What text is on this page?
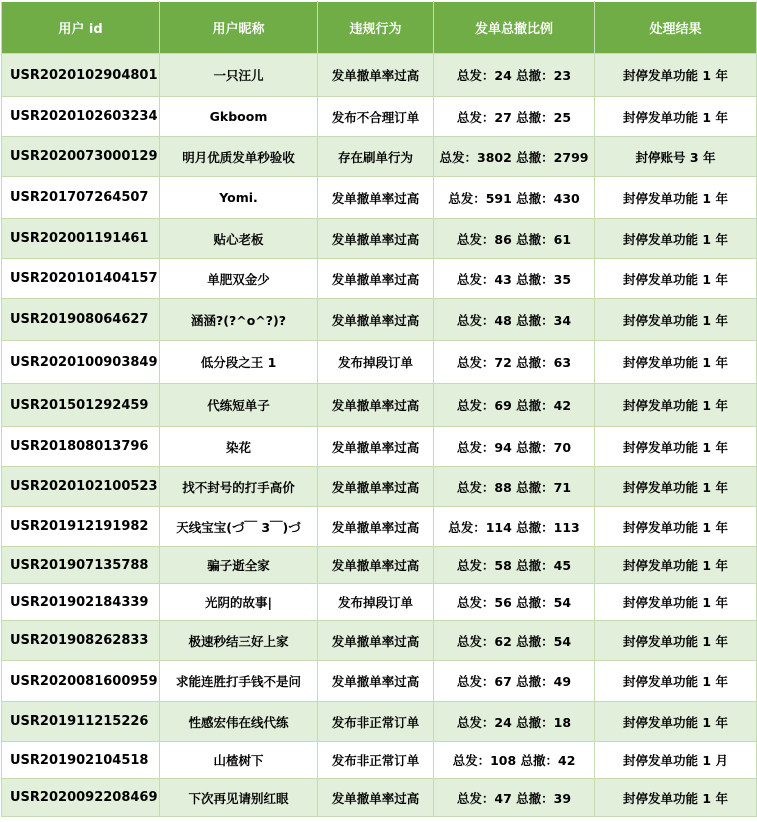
用户 id	用户昵称	违规行为	发单总撤比例	处理结果
USR2020102904801	一只汪儿	发单撤单率过高	总发：24 总撤：23	封停发单功能 1 年
USR2020102603234	Gkboom	发布不合理订单	总发：27 总撤：25	封停发单功能 1 年
USR2020073000129	明月优质发单秒验收	存在刷单行为	总发：3802 总撤：2799	封停账号 3 年
USR201707264507	Yomi.	发单撤单率过高	总发：591 总撤：430	封停发单功能 1 年
USR202001191461	贴心老板	发单撤单率过高	总发：86 总撤：61	封停发单功能 1 年
USR2020101404157	单肥双金少	发单撤单率过高	总发：43 总撤：35	封停发单功能 1 年
USR201908064627	涵涵?(?^o^?)?	发单撤单率过高	总发：48 总撤：34	封停发单功能 1 年
USR2020100903849	低分段之王 1	发布掉段订单	总发：72 总撤：63	封停发单功能 1 年
USR201501292459	代练短单子	发单撤单率过高	总发：69 总撤：42	封停发单功能 1 年
USR201808013796	染花	发单撤单率过高	总发：94 总撤：70	封停发单功能 1 年
USR2020102100523	找不封号的打手高价	发单撤单率过高	总发：88 总撤：71	封停发单功能 1 年
USR201912191982	天线宝宝(づ￣ 3￣)づ	发单撤单率过高	总发：114 总撤：113	封停发单功能 1 年
USR201907135788	骗子逝全家	发单撤单率过高	总发：58 总撤：45	封停发单功能 1 年
USR201902184339	光阴的故事|	发布掉段订单	总发：56 总撤：54	封停发单功能 1 年
USR201908262833	极速秒结三好上家	发单撤单率过高	总发：62 总撤：54	封停发单功能 1 年
USR2020081600959	求能连胜打手钱不是问	发单撤单率过高	总发：67 总撤：49	封停发单功能 1 年
USR201911215226	性感宏伟在线代练	发布非正常订单	总发：24 总撤：18	封停发单功能 1 年
USR201902104518	山楂树下	发布非正常订单	总发：108 总撤：42	封停发单功能 1 月
USR2020092208469	下次再见请别红眼	发单撤单率过高	总发：47 总撤：39	封停发单功能 1 年
